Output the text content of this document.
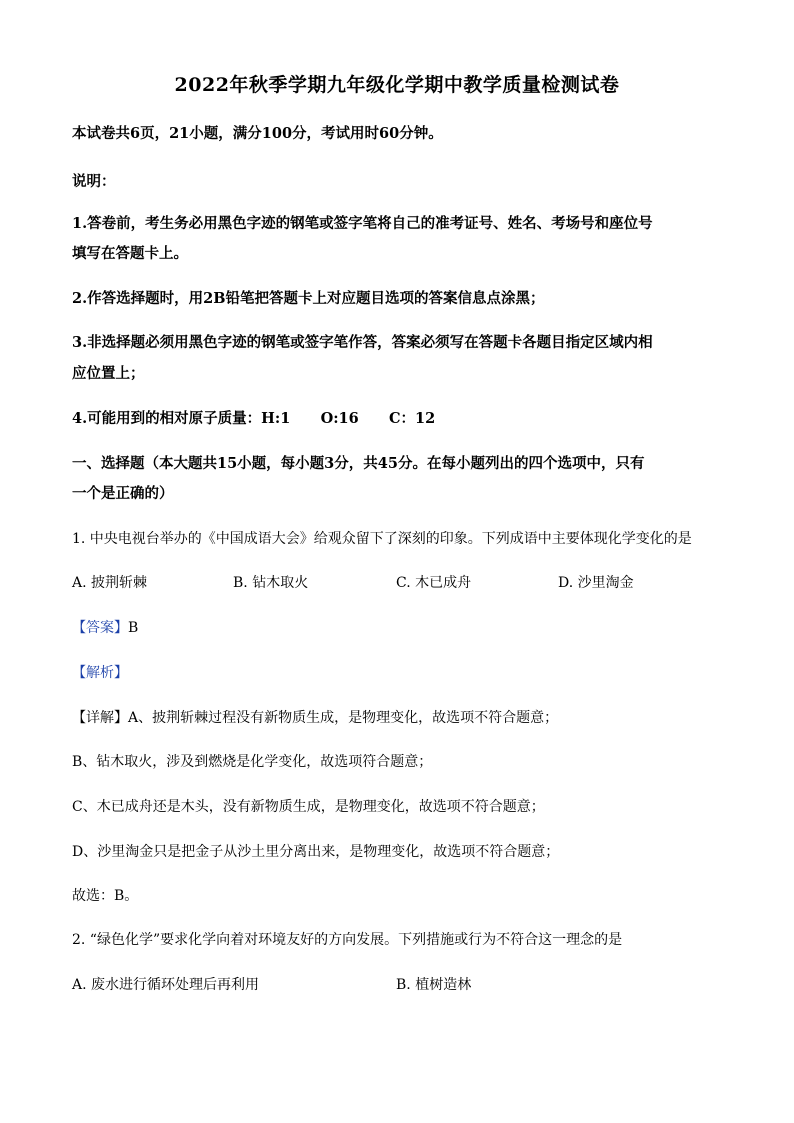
2022年秋季学期九年级化学期中教学质量检测试卷
本试卷共6页，21小题，满分100分，考试用时60分钟。
说明：
1.答卷前，考生务必用黑色字迹的钢笔或签字笔将自己的准考证号、姓名、考场号和座位号
填写在答题卡上。
2.作答选择题时，用2B铅笔把答题卡上对应题目选项的答案信息点涂黑；
3.非选择题必须用黑色字迹的钢笔或签字笔作答，答案必须写在答题卡各题目指定区域内相
应位置上；
4.可能用到的相对原子质量：H:1      O:16      C：12
一、选择题（本大题共15小题，每小题3分，共45分。在每小题列出的四个选项中，只有
一个是正确的）
1. 中央电视台举办的《中国成语大会》给观众留下了深刻的印象。下列成语中主要体现化学变化的是
A. 披荆斩棘	B. 钻木取火	C. 木已成舟	D. 沙里淘金
【答案】B
【解析】
【详解】A、披荆斩棘过程没有新物质生成，是物理变化，故选项不符合题意；
B、钻木取火，涉及到燃烧是化学变化，故选项符合题意；
C、木已成舟还是木头，没有新物质生成，是物理变化，故选项不符合题意；
D、沙里淘金只是把金子从沙土里分离出来，是物理变化，故选项不符合题意；
故选：B。
2. “绿色化学”要求化学向着对环境友好的方向发展。下列措施或行为不符合这一理念的是
A. 废水进行循环处理后再利用	B. 植树造林
